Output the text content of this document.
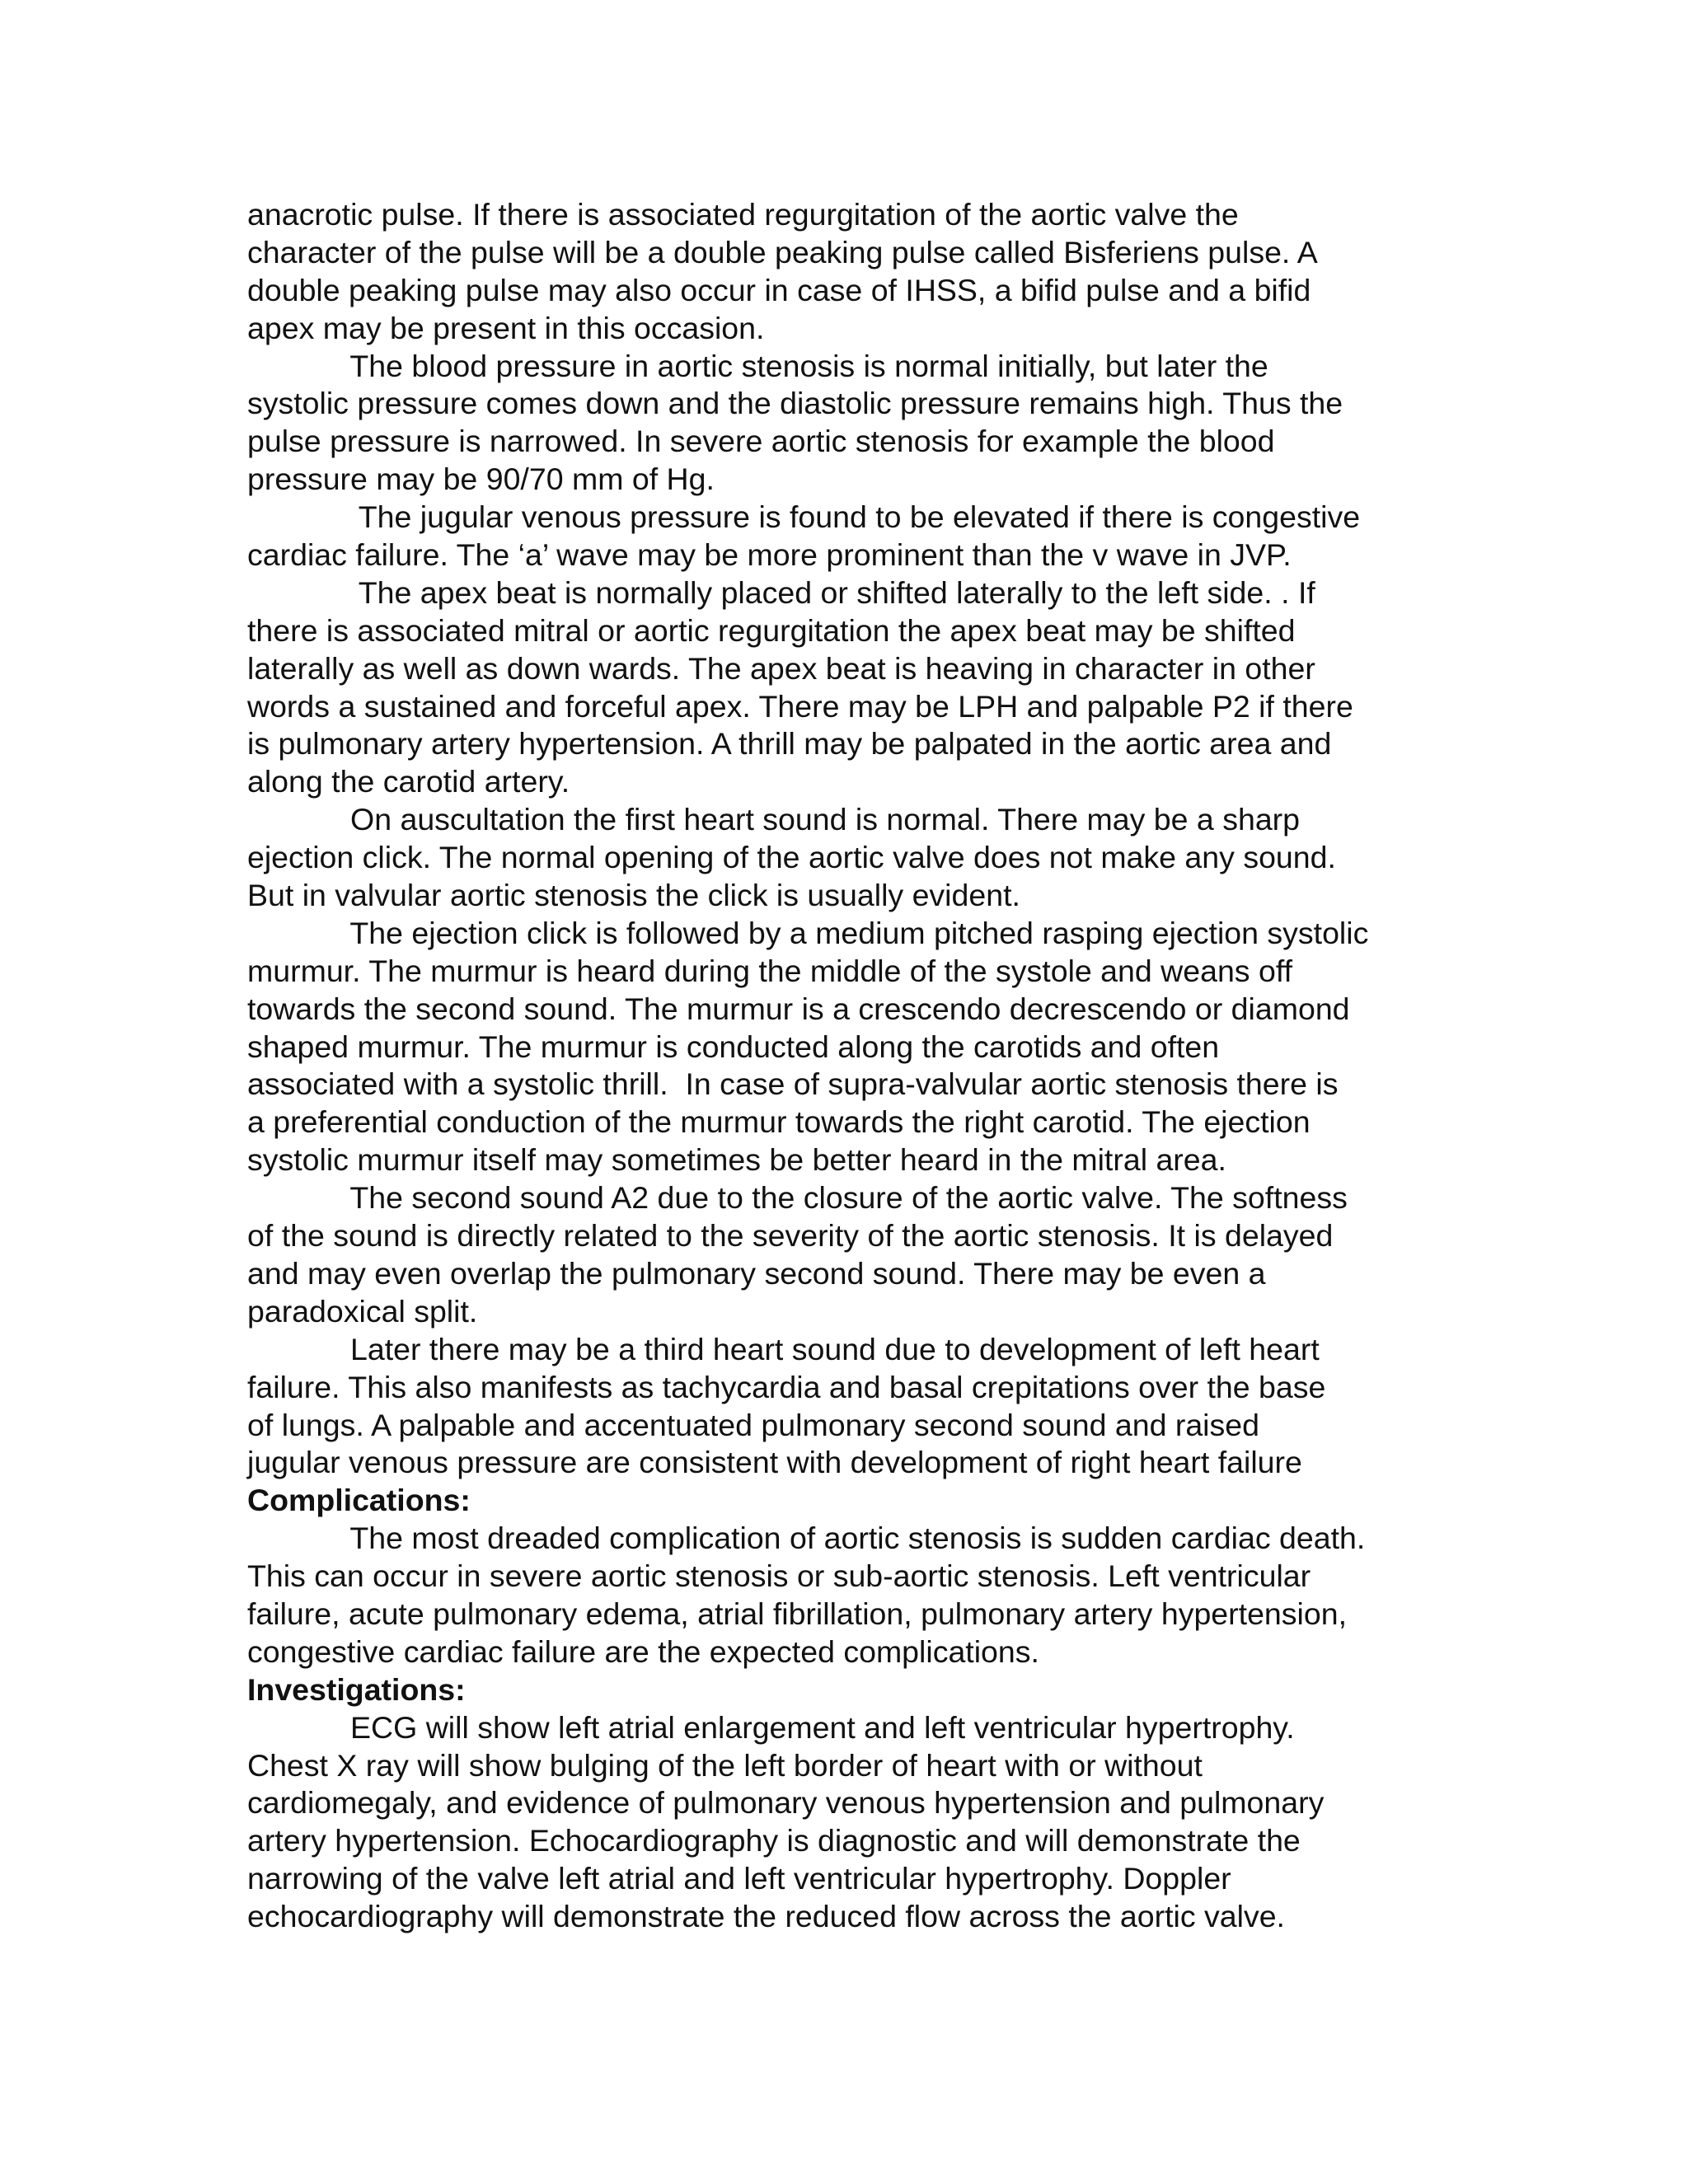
anacrotic pulse. If there is associated regurgitation of the aortic valve the
character of the pulse will be a double peaking pulse called Bisferiens pulse. A
double peaking pulse may also occur in case of IHSS, a bifid pulse and a bifid
apex may be present in this occasion.
The blood pressure in aortic stenosis is normal initially, but later the
systolic pressure comes down and the diastolic pressure remains high. Thus the
pulse pressure is narrowed. In severe aortic stenosis for example the blood
pressure may be 90/70 mm of Hg.
The jugular venous pressure is found to be elevated if there is congestive
cardiac failure. The ‘a’ wave may be more prominent than the v wave in JVP.
The apex beat is normally placed or shifted laterally to the left side. . If
there is associated mitral or aortic regurgitation the apex beat may be shifted
laterally as well as down wards. The apex beat is heaving in character in other
words a sustained and forceful apex. There may be LPH and palpable P2 if there
is pulmonary artery hypertension. A thrill may be palpated in the aortic area and
along the carotid artery.
On auscultation the first heart sound is normal. There may be a sharp
ejection click. The normal opening of the aortic valve does not make any sound.
But in valvular aortic stenosis the click is usually evident.
The ejection click is followed by a medium pitched rasping ejection systolic
murmur. The murmur is heard during the middle of the systole and weans off
towards the second sound. The murmur is a crescendo decrescendo or diamond
shaped murmur. The murmur is conducted along the carotids and often
associated with a systolic thrill.  In case of supra-valvular aortic stenosis there is
a preferential conduction of the murmur towards the right carotid. The ejection
systolic murmur itself may sometimes be better heard in the mitral area.
The second sound A2 due to the closure of the aortic valve. The softness
of the sound is directly related to the severity of the aortic stenosis. It is delayed
and may even overlap the pulmonary second sound. There may be even a
paradoxical split.
Later there may be a third heart sound due to development of left heart
failure. This also manifests as tachycardia and basal crepitations over the base
of lungs. A palpable and accentuated pulmonary second sound and raised
jugular venous pressure are consistent with development of right heart failure
Complications:
The most dreaded complication of aortic stenosis is sudden cardiac death.
This can occur in severe aortic stenosis or sub-aortic stenosis. Left ventricular
failure, acute pulmonary edema, atrial fibrillation, pulmonary artery hypertension,
congestive cardiac failure are the expected complications.
Investigations:
ECG will show left atrial enlargement and left ventricular hypertrophy.
Chest X ray will show bulging of the left border of heart with or without
cardiomegaly, and evidence of pulmonary venous hypertension and pulmonary
artery hypertension. Echocardiography is diagnostic and will demonstrate the
narrowing of the valve left atrial and left ventricular hypertrophy. Doppler
echocardiography will demonstrate the reduced flow across the aortic valve.
